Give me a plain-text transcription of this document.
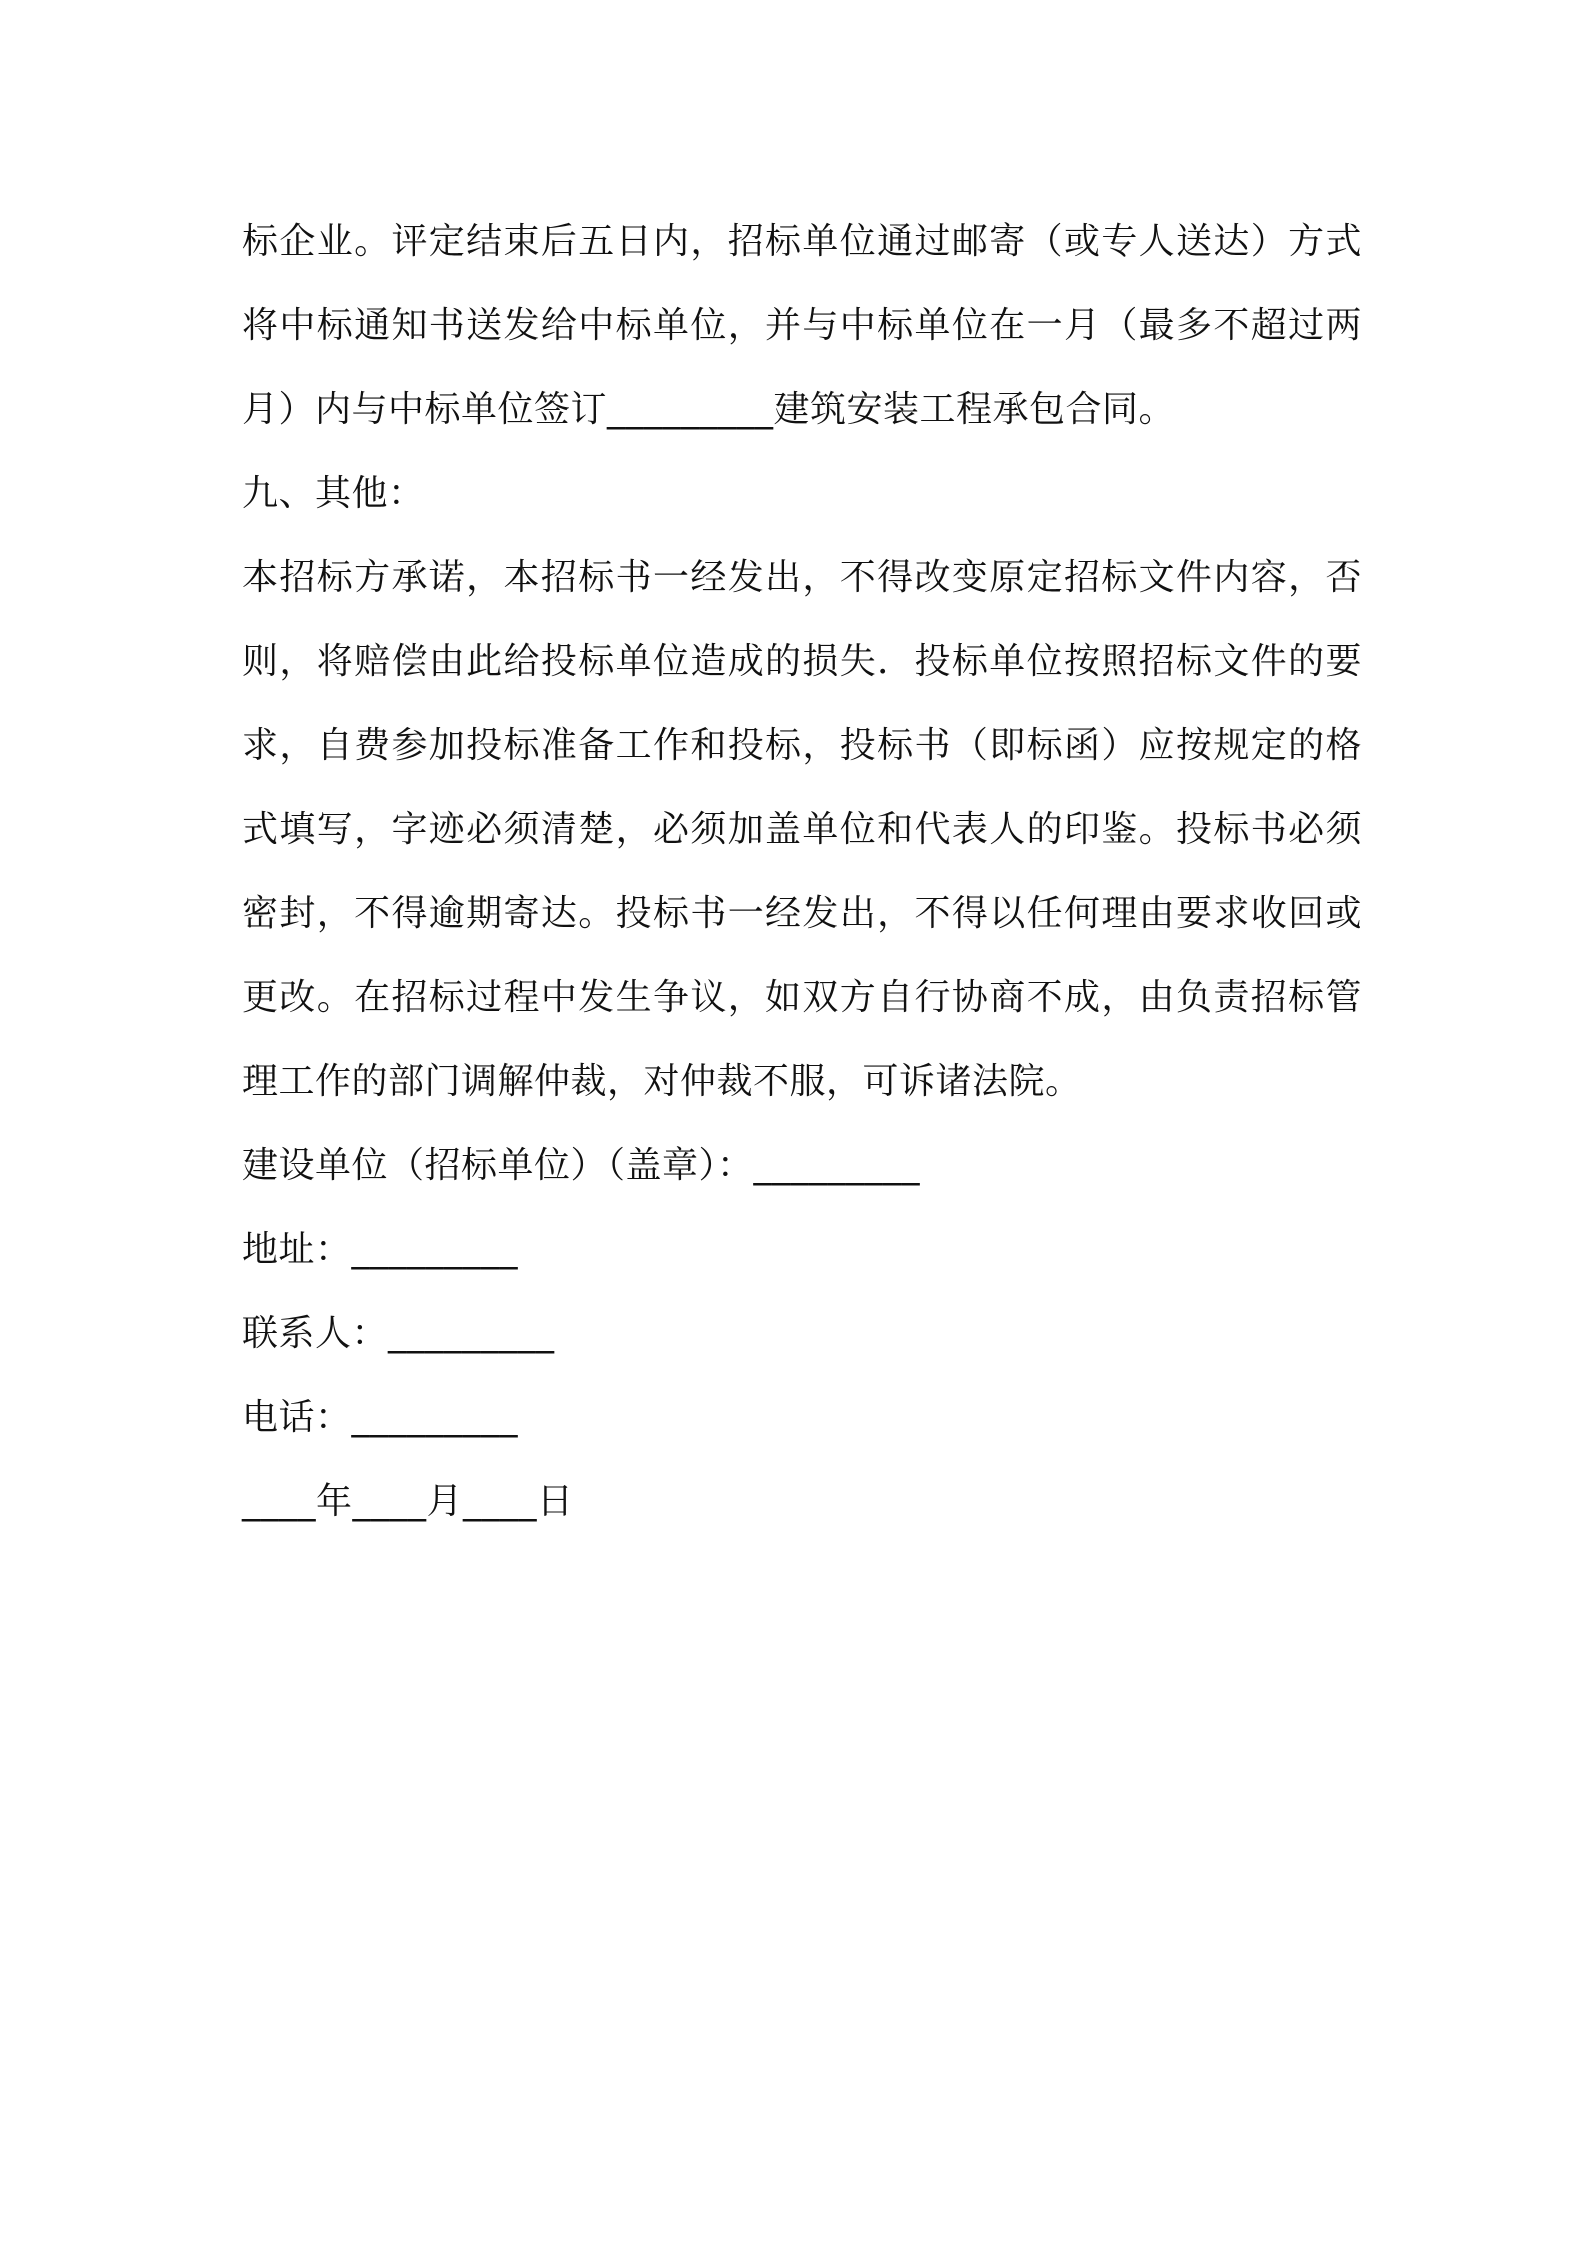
标企业。评定结束后五日内，招标单位通过邮寄（或专人送达）方式
将中标通知书送发给中标单位，并与中标单位在一月（最多不超过两
月）内与中标单位签订_________建筑安装工程承包合同。
九、其他：
本招标方承诺，本招标书一经发出，不得改变原定招标文件内容，否
则，将赔偿由此给投标单位造成的损失．投标单位按照招标文件的要
求，自费参加投标准备工作和投标，投标书（即标函）应按规定的格
式填写，字迹必须清楚，必须加盖单位和代表人的印鉴。投标书必须
密封，不得逾期寄达。投标书一经发出，不得以任何理由要求收回或
更改。在招标过程中发生争议，如双方自行协商不成，由负责招标管
理工作的部门调解仲裁，对仲裁不服，可诉诸法院。
建设单位（招标单位）（盖章）：_________
地址：_________
联系人：_________
电话：_________
____年____月____日
